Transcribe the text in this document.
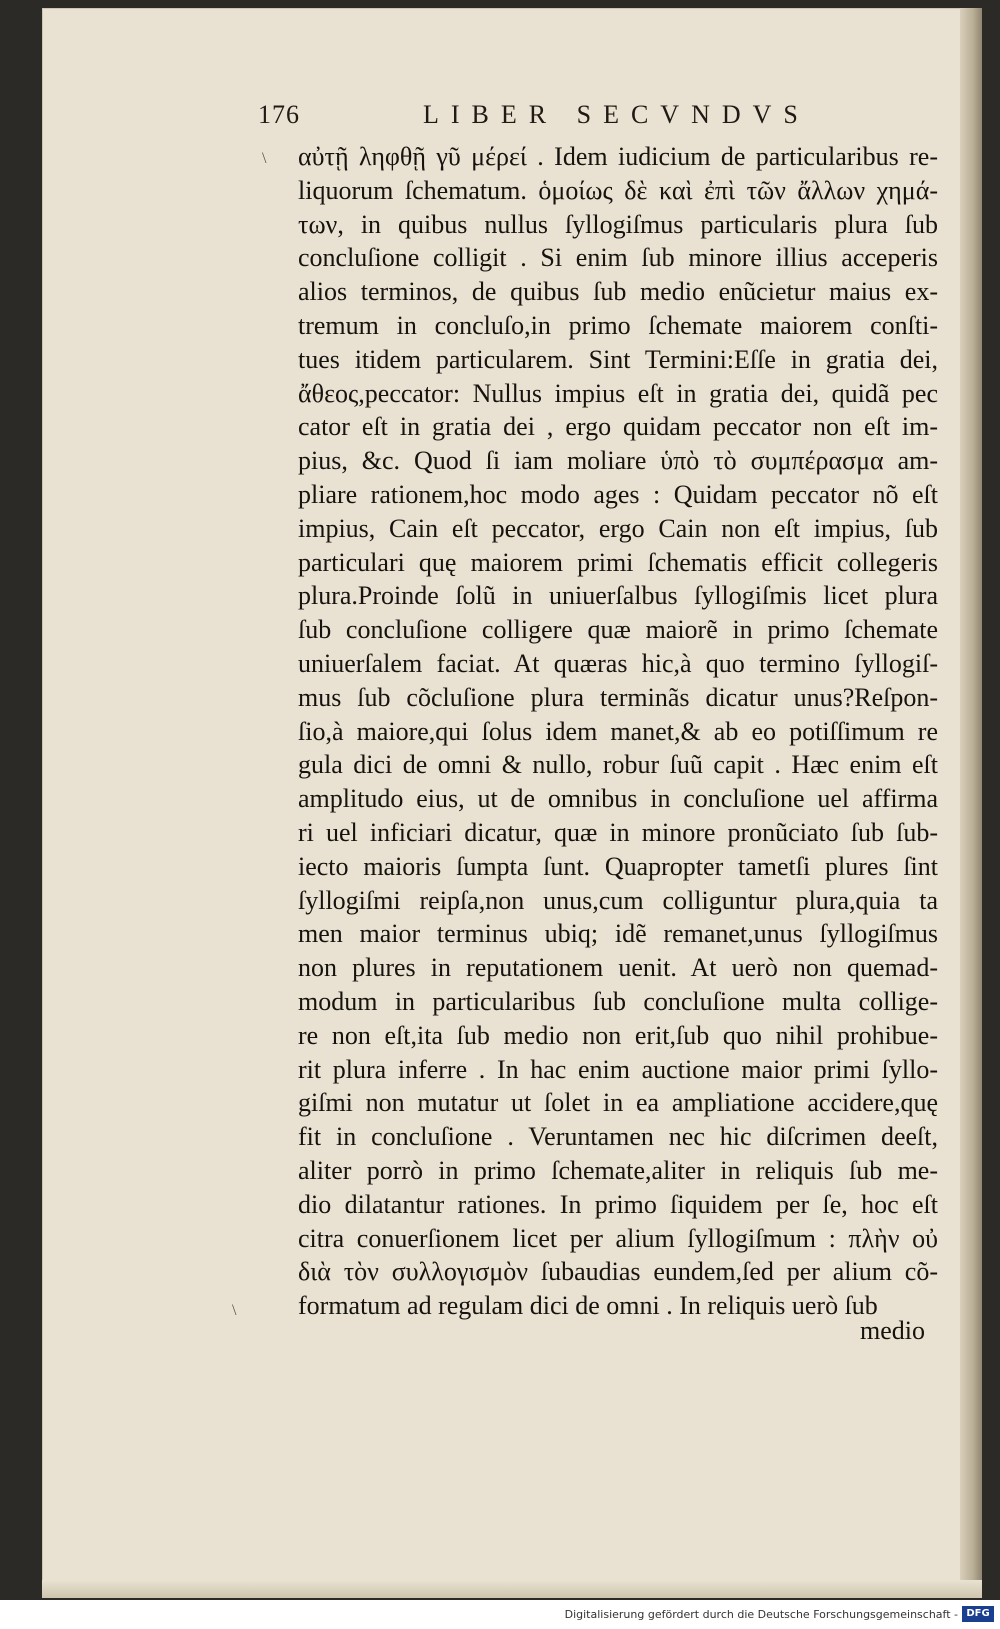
176	LIBER SECVNDVS
αὐτῇ ληφθῇ γῦ μέρεί . Idem iudicium de particularibus re-
liquorum ſchematum. ὁμοίως δὲ καὶ ἐπὶ τῶν ἄλλων χημά-
των, in quibus nullus ſyllogiſmus particularis plura ſub
concluſione colligit . Si enim ſub minore illius acceperis
alios terminos, de quibus ſub medio enũcietur maius ex-
tremum in concluſo,in primo ſchemate maiorem conſti-
tues itidem particularem. Sint Termini:Eſſe in gratia dei,
ἄθεος,peccator: Nullus impius eſt in gratia dei, quidã pec
cator eſt in gratia dei , ergo quidam peccator non eſt im-
pius, &c. Quod ſi iam moliare ὑπὸ τὸ συμπέρασμα am-
pliare rationem,hoc modo ages : Quidam peccator nõ eſt
impius, Cain eſt peccator, ergo Cain non eſt impius, ſub
particulari quę maiorem primi ſchematis efficit collegeris
plura.Proinde ſolũ in uniuerſalbus ſyllogiſmis licet plura
ſub concluſione colligere quæ maiorẽ in primo ſchemate
uniuerſalem faciat. At quæras hic,à quo termino ſyllogiſ-
mus ſub cõcluſione plura terminãs dicatur unus?Reſpon-
ſio,à maiore,qui ſolus idem manet,& ab eo potiſſimum re
gula dici de omni & nullo, robur ſuũ capit . Hæc enim eſt
amplitudo eius, ut de omnibus in concluſione uel affirma
ri uel inficiari dicatur, quæ in minore pronũciato ſub ſub-
iecto maioris ſumpta ſunt. Quapropter tametſi plures ſint
ſyllogiſmi reipſa,non unus,cum colliguntur plura,quia ta
men maior terminus ubiq; idẽ remanet,unus ſyllogiſmus
non plures in reputationem uenit. At uerò non quemad-
modum in particularibus ſub concluſione multa collige-
re non eſt,ita ſub medio non erit,ſub quo nihil prohibue-
rit plura inferre . In hac enim auctione maior primi ſyllo-
giſmi non mutatur ut ſolet in ea ampliatione accidere,quę
fit in concluſione . Veruntamen nec hic diſcrimen deeſt,
aliter porrò in primo ſchemate,aliter in reliquis ſub me-
dio dilatantur rationes. In primo ſiquidem per ſe, hoc eſt
citra conuerſionem licet per alium ſyllogiſmum : πλὴν οὐ
διὰ τὸν συλλογισμὸν ſubaudias eundem,ſed per alium cõ-
formatum ad regulam dici de omni . In reliquis uerò ſub
medio
\
\
Digitalisierung gefördert durch die Deutsche Forschungsgemeinschaft - DFG
